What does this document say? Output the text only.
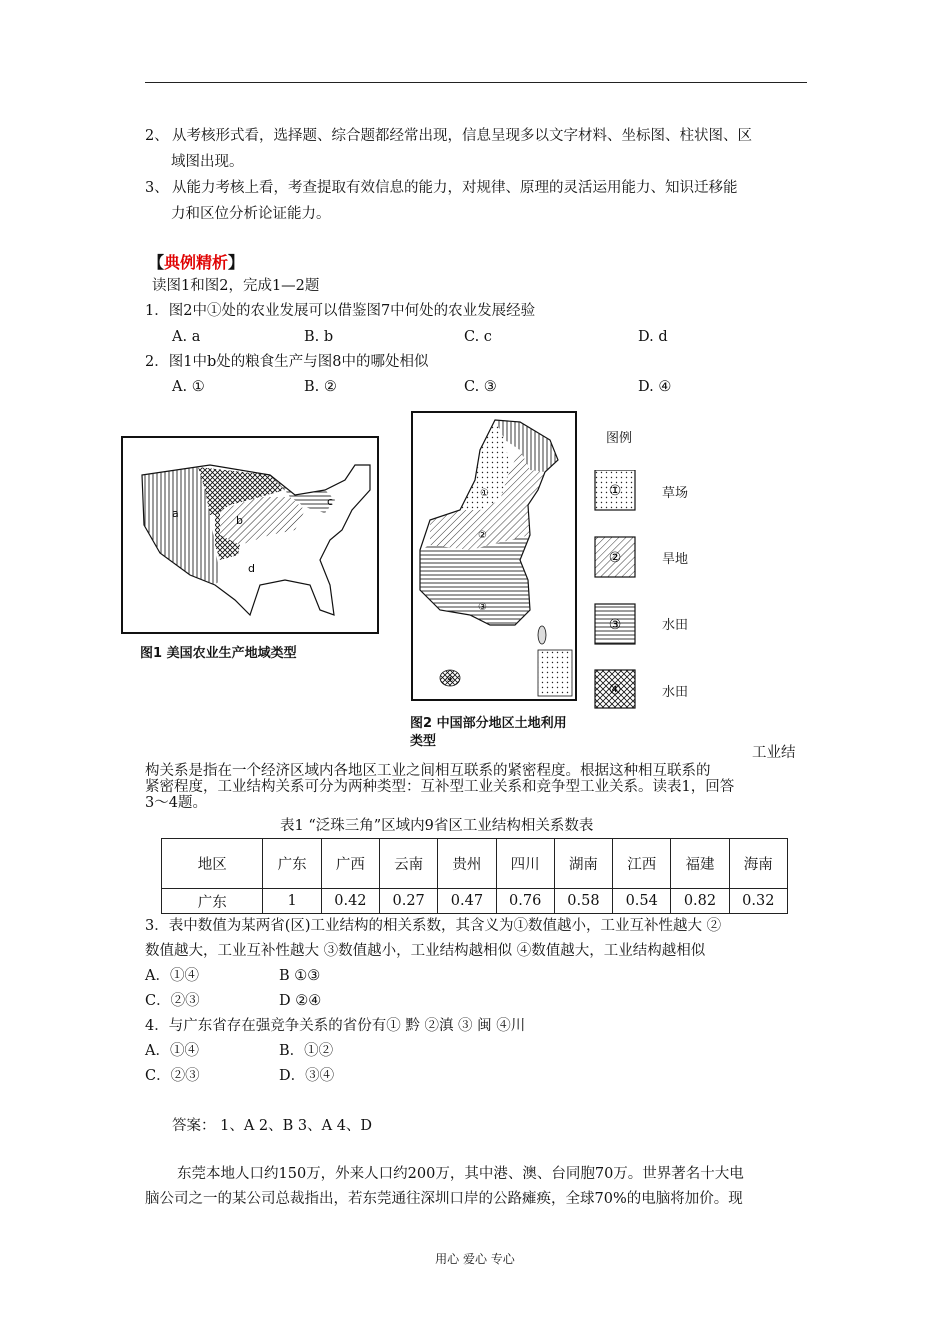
2、 从考核形式看，选择题、综合题都经常出现，信息呈现多以文字材料、坐标图、柱状图、区
域图出现。
3、 从能力考核上看，考查提取有效信息的能力，对规律、原理的灵活运用能力、知识迁移能
力和区位分析论证能力。
【典例精析】
读图1和图2，完成1—2题
1．图2中①处的农业发展可以借鉴图7中何处的农业发展经验
A. a	B. b	C. c	D. d
2．图1中b处的粮食生产与图8中的哪处相似
A. ①	B. ②	C. ③	D. ④
a
b
c
d
图1 美国农业生产地域类型
①
②
③
④
图2 中国部分地区土地利用
类型
图例
①
②
③
④
草场
旱地
水田
水田
工业结
构关系是指在一个经济区域内各地区工业之间相互联系的紧密程度。根据这种相互联系的
紧密程度，工业结构关系可分为两种类型：互补型工业关系和竞争型工业关系。读表1，回答
3～4题。
表1 “泛珠三角”区域内9省区工业结构相关系数表
地区	广东	广西	云南	贵州	四川	湖南	江西	福建	海南
广东	1	0.42	0.27	0.47	0.76	0.58	0.54	0.82	0.32
3．表中数值为某两省(区)工业结构的相关系数，其含义为①数值越小，工业互补性越大 ②
数值越大，工业互补性越大 ③数值越小，工业结构越相似 ④数值越大，工业结构越相似
A．①④	B ①③
C．②③	D ②④
4．与广东省存在强竞争关系的省份有① 黔 ②滇 ③ 闽 ④川
A．①④	B．①②
C．②③	D．③④
答案： 1、A 2、B 3、A 4、D
东莞本地人口约150万，外来人口约200万，其中港、澳、台同胞70万。世界著名十大电
脑公司之一的某公司总裁指出，若东莞通往深圳口岸的公路瘫痪，全球70%的电脑将加价。现
用心 爱心 专心
